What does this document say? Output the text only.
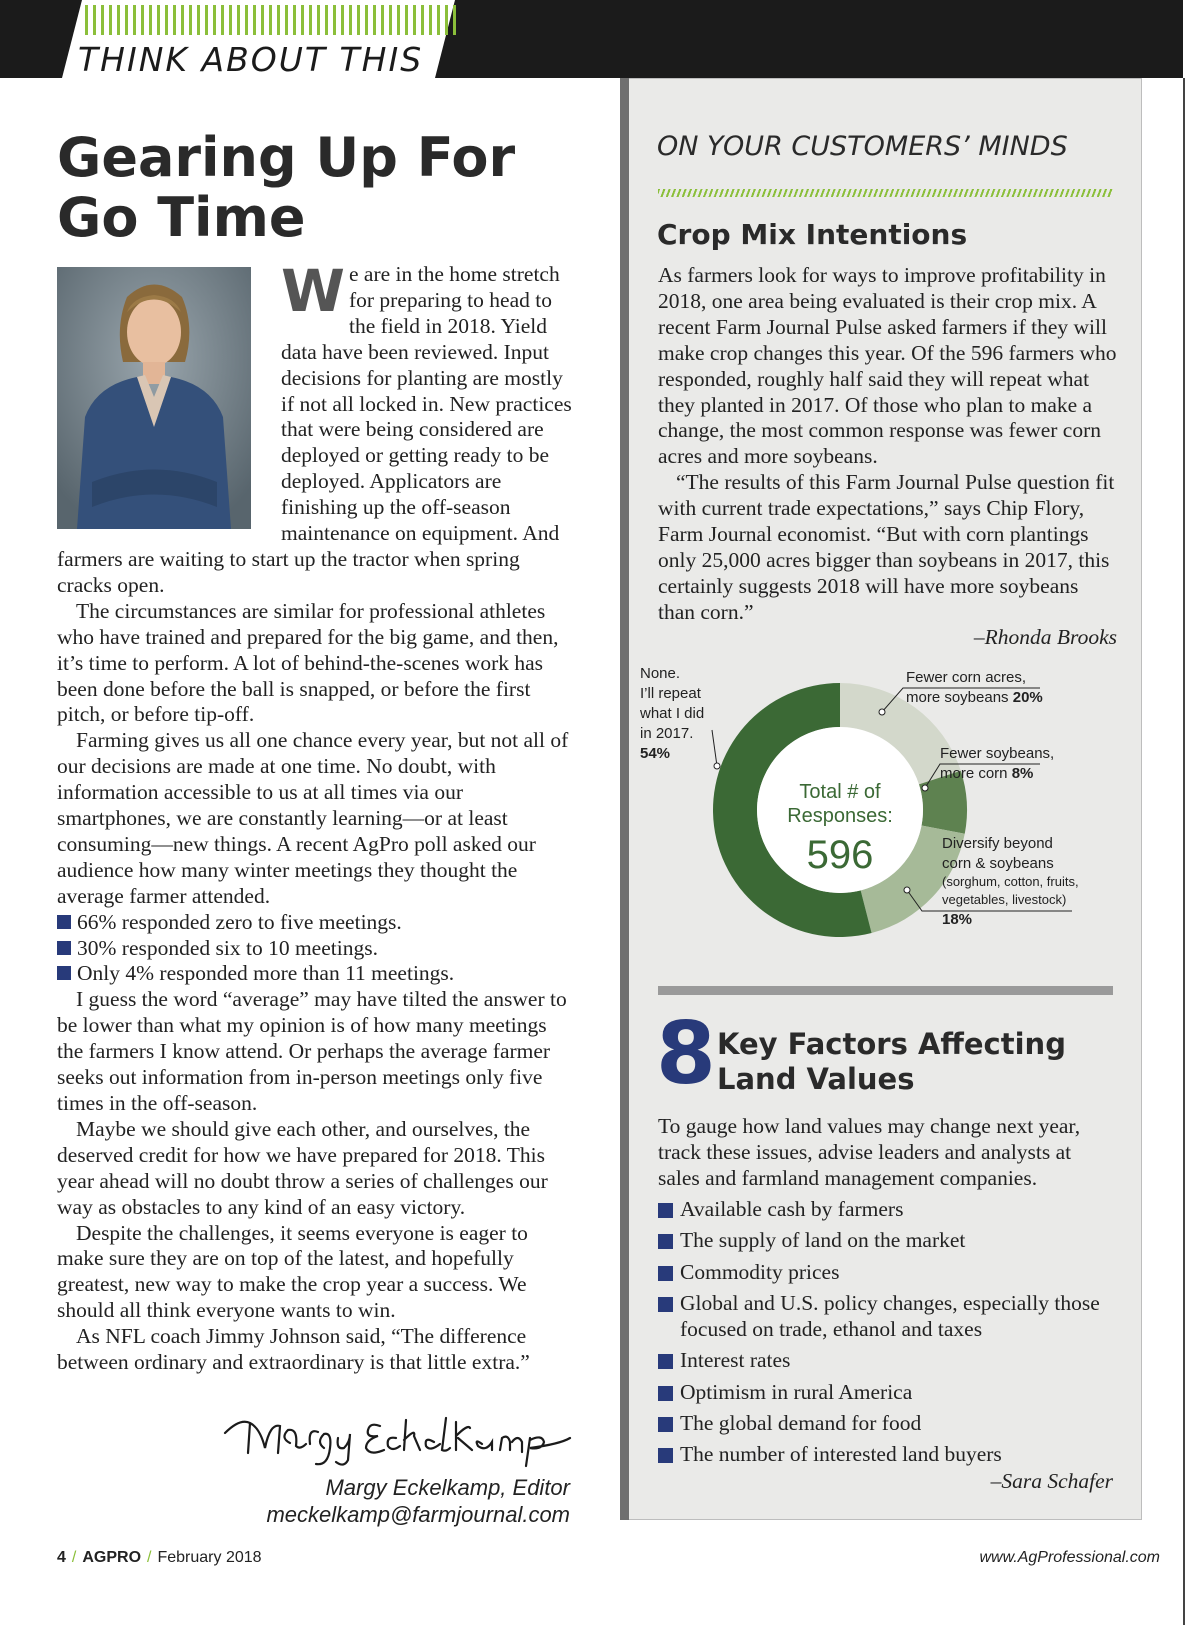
THINK ABOUT THIS
Gearing Up For
Go Time

We are in the home stretch for preparing to head to the field in 2018. Yield data have been reviewed. Input decisions for planting are mostly if not all locked in. New practices that were being considered are deployed or getting ready to be deployed. Applicators are finishing up the off-season maintenance on equipment. And farmers are waiting to start up the tractor when spring cracks open.

The circumstances are similar for professional athletes who have trained and prepared for the big game, and then, it’s time to perform. A lot of behind-the-scenes work has been done before the ball is snapped, or before the first pitch, or before tip-off.

Farming gives us all one chance every year, but not all of our decisions are made at one time. No doubt, with information accessible to us at all times via our smartphones, we are constantly learning—or at least consuming—new things. A recent AgPro poll asked our audience how many winter meetings they thought the average farmer attended.

66% responded zero to five meetings.
30% responded six to 10 meetings.
Only 4% responded more than 11 meetings.

I guess the word “average” may have tilted the answer to be lower than what my opinion is of how many meetings the farmers I know attend. Or perhaps the average farmer seeks out information from in-person meetings only five times in the off-season.

Maybe we should give each other, and ourselves, the deserved credit for how we have prepared for 2018. This year ahead will no doubt throw a series of challenges our way as obstacles to any kind of an easy victory.

Despite the challenges, it seems everyone is eager to make sure they are on top of the latest, and hopefully greatest, new way to make the crop year a success. We should all think everyone wants to win.

As NFL coach Jimmy Johnson said, “The difference between ordinary and extraordinary is that little extra.”

Margy Eckelkamp, Editor
meckelkamp@farmjournal.com
4 / AGPRO / February 2018	www.AgProfessional.com
ON YOUR CUSTOMERS’ MINDS
Crop Mix Intentions

As farmers look for ways to improve profitability in 2018, one area being evaluated is their crop mix. A recent Farm Journal Pulse asked farmers if they will make crop changes this year. Of the 596 farmers who responded, roughly half said they will repeat what they planted in 2017. Of those who plan to make a change, the most common response was fewer corn acres and more soybeans.

“The results of this Farm Journal Pulse question fit with current trade expectations,” says Chip Flory, Farm Journal economist. “But with corn plantings only 25,000 acres bigger than soybeans in 2017, this certainly suggests 2018 will have more soybeans than corn.”

–Rhonda Brooks
Total # of
Responses:
596
Fewer corn acres,
more soybeans 20%
Fewer soybeans,
more corn 8%
Diversify beyond
corn & soybeans
(sorghum, cotton, fruits,
vegetables, livestock)
18%
None.
I’ll repeat
what I did
in 2017.
54%
8 Key Factors Affecting
Land Values

To gauge how land values may change next year, track these issues, advise leaders and analysts at sales and farmland management companies.

Available cash by farmers
The supply of land on the market
Commodity prices
Global and U.S. policy changes, especially those focused on trade, ethanol and taxes
Interest rates
Optimism in rural America
The global demand for food
The number of interested land buyers
–Sara Schafer
